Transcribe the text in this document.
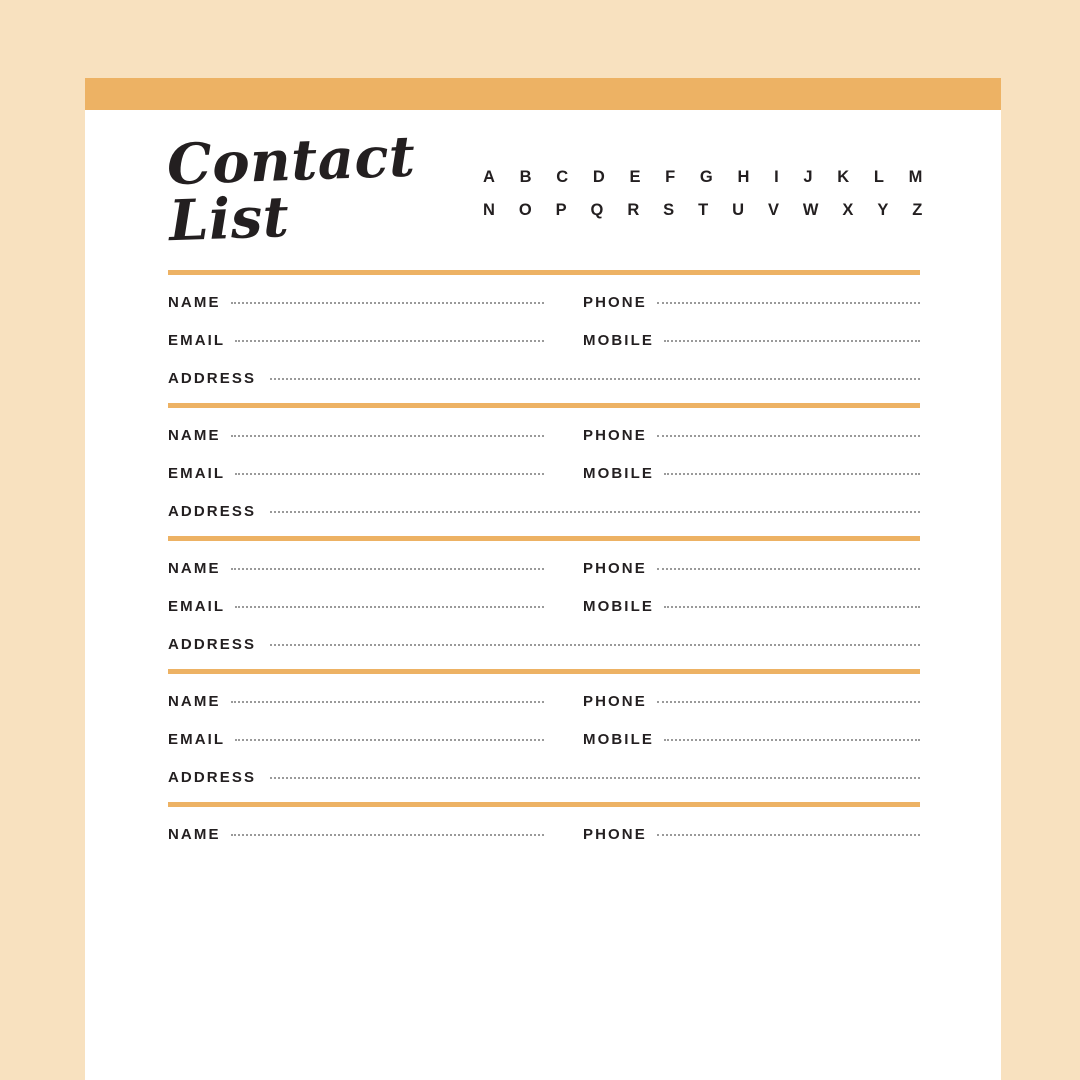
Contact List
A B C D E F G H I J K L M
N O P Q R S T U V W X Y Z
NAME	PHONE
EMAIL	MOBILE
ADDRESS
NAME	PHONE
EMAIL	MOBILE
ADDRESS
NAME	PHONE
EMAIL	MOBILE
ADDRESS
NAME	PHONE
EMAIL	MOBILE
ADDRESS
NAME	PHONE
